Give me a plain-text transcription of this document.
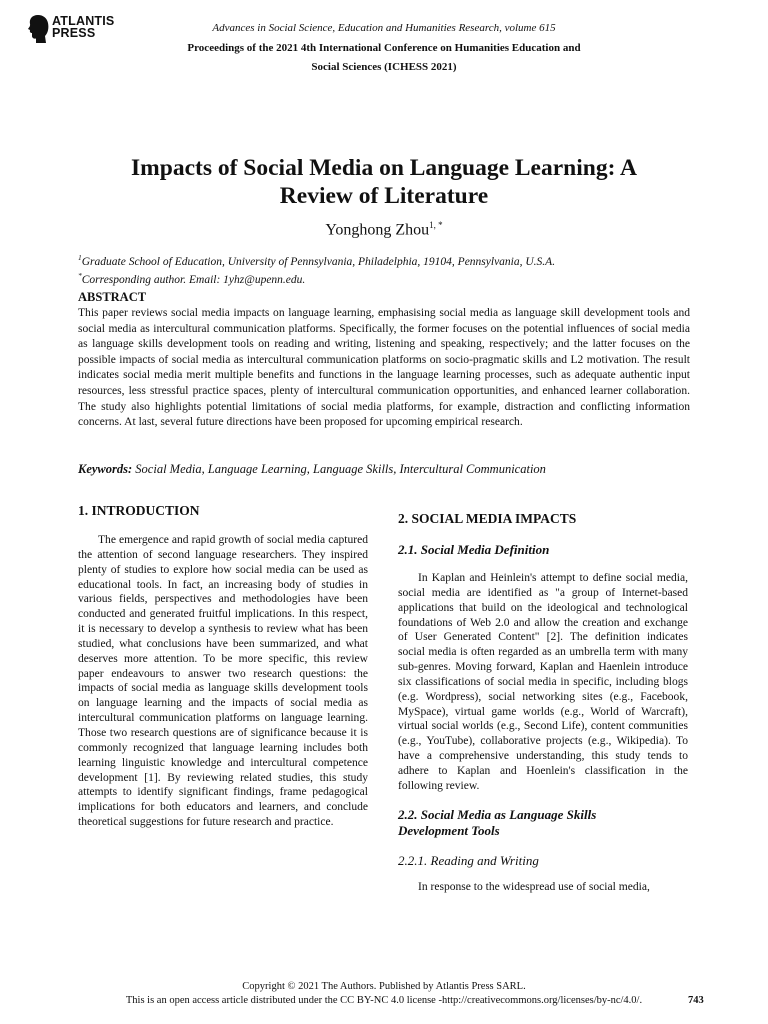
ATLANTIS
PRESS	Advances in Social Science, Education and Humanities Research, volume 615
Proceedings of the 2021 4th International Conference on Humanities Education and
Social Sciences (ICHESS 2021)
Impacts of Social Media on Language Learning: A
Review of Literature
Yonghong Zhou$^{1, *}$
$^1$Graduate School of Education, University of Pennsylvania, Philadelphia, 19104, Pennsylvania, U.S.A.
*Corresponding author. Email: 1yhz@upenn.edu.
ABSTRACT

This paper reviews social media impacts on language learning, emphasising social media as language skill development tools and social media as intercultural communication platforms. Specifically, the former focuses on the potential influences of social media as language skills development tools on reading and writing, listening and speaking, respectively; and the latter focuses on the possible impacts of social media as intercultural communication platforms on socio-pragmatic skills and L2 motivation. The result indicates social media merit multiple benefits and functions in the language learning processes, such as adequate authentic input resources, less stressful practice spaces, plenty of intercultural communication opportunities, and enhanced learner collaboration. The study also highlights potential limitations of social media platforms, for example, distraction and conflicting information concerns. At last, several future directions have been proposed for upcoming empirical research.

Keywords: Social Media, Language Learning, Language Skills, Intercultural Communication
1. INTRODUCTION

The emergence and rapid growth of social media captured the attention of second language researchers. They inspired plenty of studies to explore how social media can be used as educational tools. In fact, an increasing body of studies in various fields, perspectives and methodologies have been conducted and generated fruitful implications. In this respect, it is necessary to develop a synthesis to review what has been studied, what conclusions have been summarized, and what deserves more attention. To be more specific, this review paper endeavours to answer two research questions: the impacts of social media as language skills development tools on language learning and the impacts of social media as intercultural communication platforms on language learning. Those two research questions are of significance because it is commonly recognized that language learning includes both learning linguistic knowledge and intercultural competence development [1]. By reviewing related studies, this study attempts to identify significant findings, frame pedagogical implications for both educators and learners, and conclude theoretical suggestions for future research and practice.

2. SOCIAL MEDIA IMPACTS
2.1. Social Media Definition

In Kaplan and Heinlein's attempt to define social media, social media are identified as "a group of Internet-based applications that build on the ideological and technological foundations of Web 2.0 and allow the creation and exchange of User Generated Content" [2]. The definition indicates social media is often regarded as an umbrella term with many sub-genres. Moving forward, Kaplan and Haenlein introduce six classifications of social media in specific, including blogs (e.g. Wordpress), social networking sites (e.g., Facebook, MySpace), virtual game worlds (e.g., World of Warcraft), virtual social worlds (e.g., Second Life), content communities (e.g., YouTube), collaborative projects (e.g., Wikipedia). To have a comprehensive understanding, this study tends to adhere to Kaplan and Hoenlein's classification in the following review.

2.2. Social Media as Language Skills
Development Tools
2.2.1. Reading and Writing

In response to the widespread use of social media,

Copyright © 2021 The Authors. Published by Atlantis Press SARL.
This is an open access article distributed under the CC BY-NC 4.0 license -http://creativecommons.org/licenses/by-nc/4.0/.	743
